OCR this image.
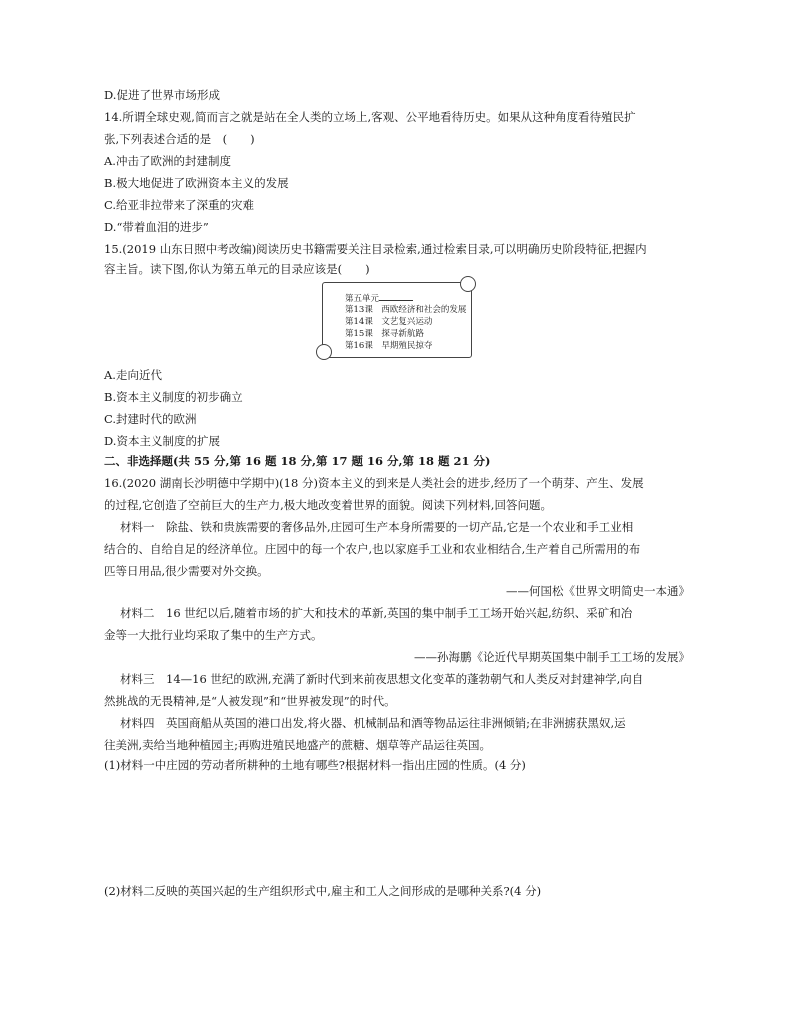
D.促进了世界市场形成
14.所谓全球史观,简而言之就是站在全人类的立场上,客观、公平地看待历史。如果从这种角度看待殖民扩
张,下列表述合适的是　(　　)
A.冲击了欧洲的封建制度
B.极大地促进了欧洲资本主义的发展
C.给亚非拉带来了深重的灾难
D.“带着血泪的进步”
15.(2019 山东日照中考改编)阅读历史书籍需要关注目录检索,通过检索目录,可以明确历史阶段特征,把握内
容主旨。读下图,你认为第五单元的目录应该是(　　)
第五单元
第13课　西欧经济和社会的发展
第14课　文艺复兴运动
第15课　探寻新航路
第16课　早期殖民掠夺
A.走向近代
B.资本主义制度的初步确立
C.封建时代的欧洲
D.资本主义制度的扩展
二、非选择题(共 55 分,第 16 题 18 分,第 17 题 16 分,第 18 题 21 分)
16.(2020 湖南长沙明德中学期中)(18 分)资本主义的到来是人类社会的进步,经历了一个萌芽、产生、发展
的过程,它创造了空前巨大的生产力,极大地改变着世界的面貌。阅读下列材料,回答问题。
材料一　除盐、铁和贵族需要的奢侈品外,庄园可生产本身所需要的一切产品,它是一个农业和手工业相
结合的、自给自足的经济单位。庄园中的每一个农户,也以家庭手工业和农业相结合,生产着自己所需用的布
匹等日用品,很少需要对外交换。
——何国松《世界文明简史一本通》
材料二　16 世纪以后,随着市场的扩大和技术的革新,英国的集中制手工工场开始兴起,纺织、采矿和冶
金等一大批行业均采取了集中的生产方式。
——孙海鹏《论近代早期英国集中制手工工场的发展》
材料三　14—16 世纪的欧洲,充满了新时代到来前夜思想文化变革的蓬勃朝气和人类反对封建神学,向自
然挑战的无畏精神,是“人被发现”和“世界被发现”的时代。
材料四　英国商船从英国的港口出发,将火器、机械制品和酒等物品运往非洲倾销;在非洲掳获黑奴,运
往美洲,卖给当地种植园主;再购进殖民地盛产的蔗糖、烟草等产品运往英国。
(1)材料一中庄园的劳动者所耕种的土地有哪些?根据材料一指出庄园的性质。(4 分)
(2)材料二反映的英国兴起的生产组织形式中,雇主和工人之间形成的是哪种关系?(4 分)
